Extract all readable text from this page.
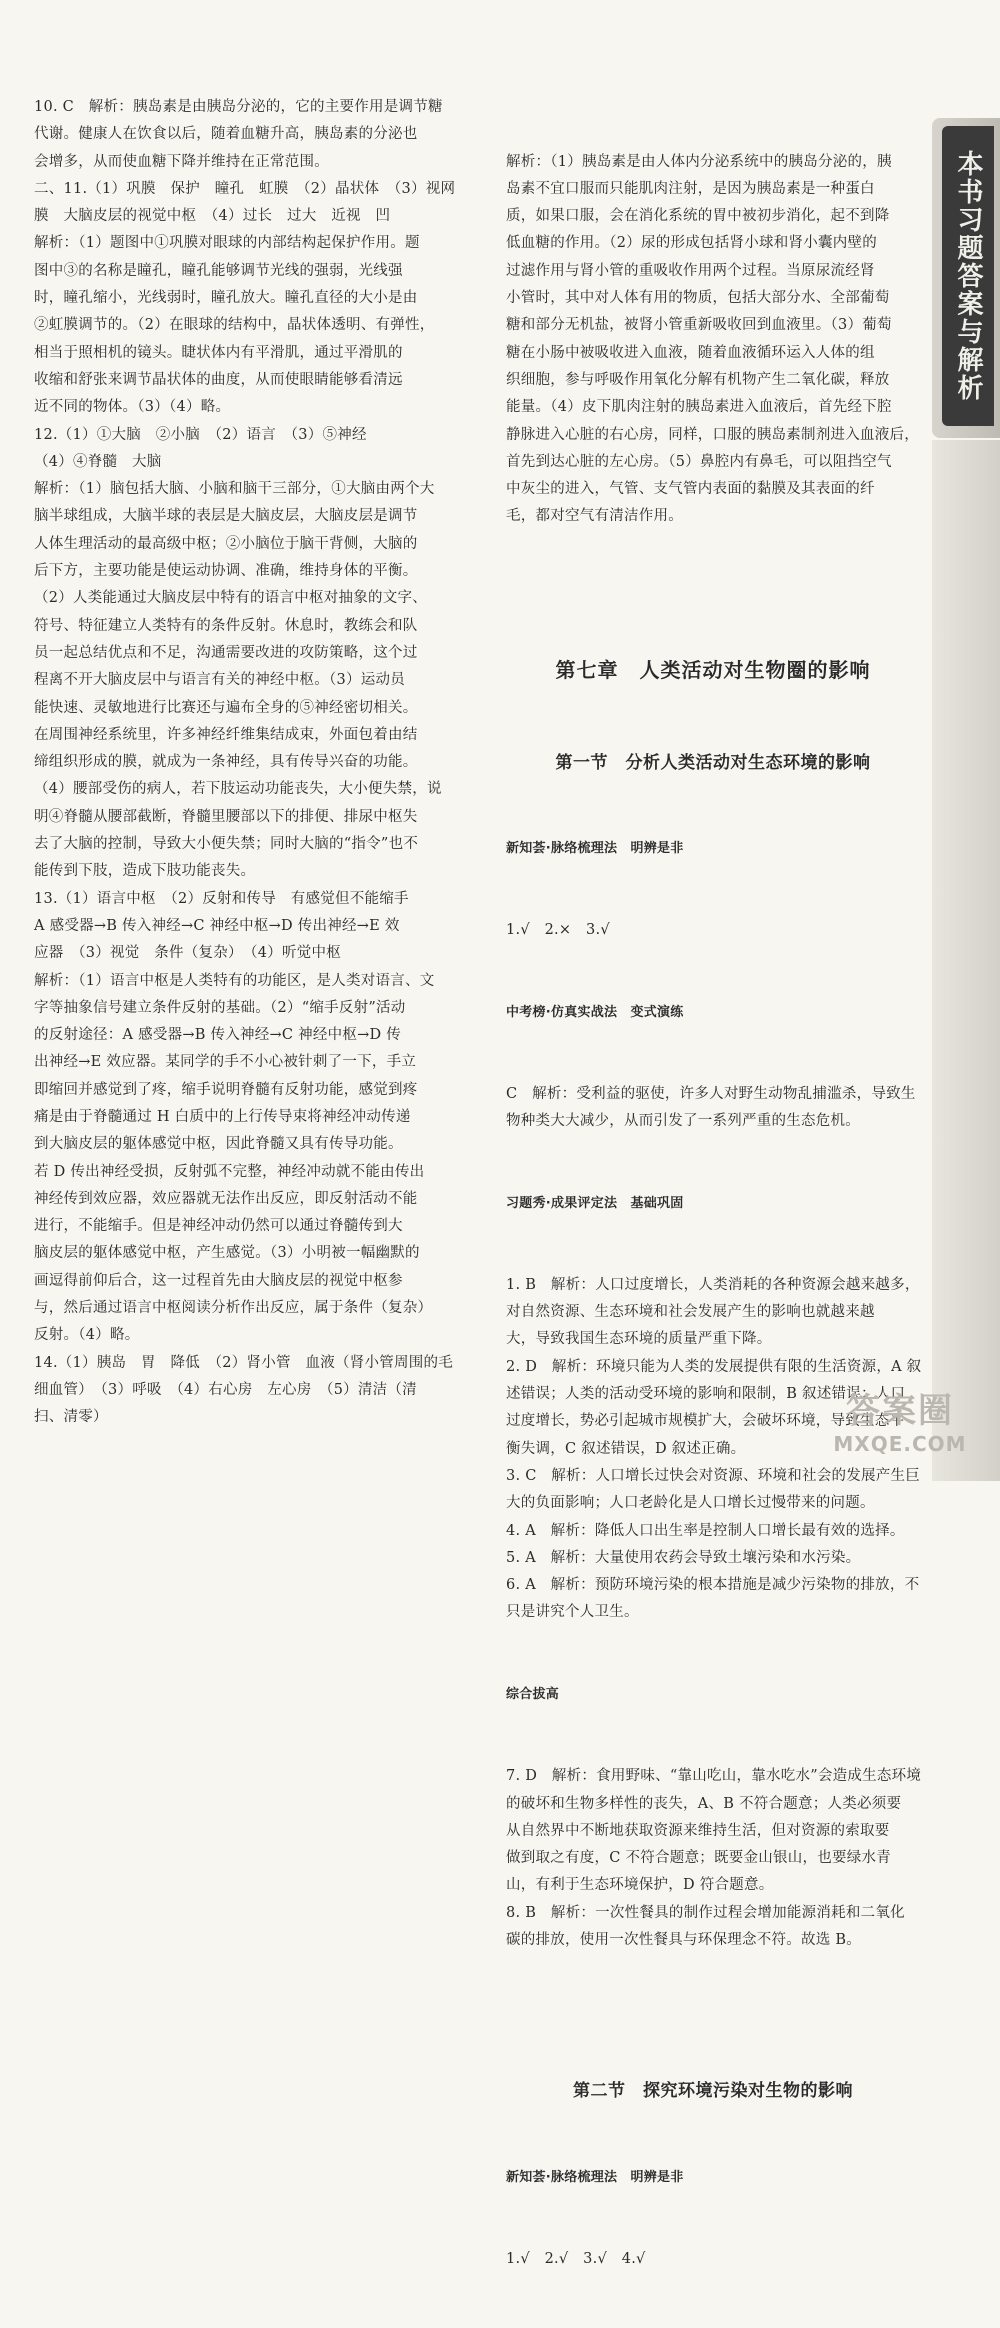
10. C　解析：胰岛素是由胰岛分泌的，它的主要作用是调节糖
代谢。健康人在饮食以后，随着血糖升高，胰岛素的分泌也
会增多，从而使血糖下降并维持在正常范围。
二、11.（1）巩膜　保护　瞳孔　虹膜　（2）晶状体　（3）视网
膜　大脑皮层的视觉中枢　（4）过长　过大　近视　凹
解析：（1）题图中①巩膜对眼球的内部结构起保护作用。题
图中③的名称是瞳孔，瞳孔能够调节光线的强弱，光线强
时，瞳孔缩小，光线弱时，瞳孔放大。瞳孔直径的大小是由
②虹膜调节的。（2）在眼球的结构中，晶状体透明、有弹性，
相当于照相机的镜头。睫状体内有平滑肌，通过平滑肌的
收缩和舒张来调节晶状体的曲度，从而使眼睛能够看清远
近不同的物体。（3）（4）略。
12.（1）①大脑　②小脑　（2）语言　（3）⑤神经
（4）④脊髓　大脑
解析：（1）脑包括大脑、小脑和脑干三部分，①大脑由两个大
脑半球组成，大脑半球的表层是大脑皮层，大脑皮层是调节
人体生理活动的最高级中枢；②小脑位于脑干背侧，大脑的
后下方，主要功能是使运动协调、准确，维持身体的平衡。
（2）人类能通过大脑皮层中特有的语言中枢对抽象的文字、
符号、特征建立人类特有的条件反射。休息时，教练会和队
员一起总结优点和不足，沟通需要改进的攻防策略，这个过
程离不开大脑皮层中与语言有关的神经中枢。（3）运动员
能快速、灵敏地进行比赛还与遍布全身的⑤神经密切相关。
在周围神经系统里，许多神经纤维集结成束，外面包着由结
缔组织形成的膜，就成为一条神经，具有传导兴奋的功能。
（4）腰部受伤的病人，若下肢运动功能丧失，大小便失禁，说
明④脊髓从腰部截断，脊髓里腰部以下的排便、排尿中枢失
去了大脑的控制，导致大小便失禁；同时大脑的“指令”也不
能传到下肢，造成下肢功能丧失。
13.（1）语言中枢　（2）反射和传导　有感觉但不能缩手
A 感受器→B 传入神经→C 神经中枢→D 传出神经→E 效
应器　（3）视觉　条件（复杂）　（4）听觉中枢
解析：（1）语言中枢是人类特有的功能区，是人类对语言、文
字等抽象信号建立条件反射的基础。（2）“缩手反射”活动
的反射途径：A 感受器→B 传入神经→C 神经中枢→D 传
出神经→E 效应器。某同学的手不小心被针刺了一下，手立
即缩回并感觉到了疼，缩手说明脊髓有反射功能，感觉到疼
痛是由于脊髓通过 H 白质中的上行传导束将神经冲动传递
到大脑皮层的躯体感觉中枢，因此脊髓又具有传导功能。
若 D 传出神经受损，反射弧不完整，神经冲动就不能由传出
神经传到效应器，效应器就无法作出反应，即反射活动不能
进行，不能缩手。但是神经冲动仍然可以通过脊髓传到大
脑皮层的躯体感觉中枢，产生感觉。（3）小明被一幅幽默的
画逗得前仰后合，这一过程首先由大脑皮层的视觉中枢参
与，然后通过语言中枢阅读分析作出反应，属于条件（复杂）
反射。（4）略。
14.（1）胰岛　胃　降低　（2）肾小管　血液（肾小管周围的毛
细血管）　（3）呼吸　（4）右心房　左心房　（5）清洁（清
扫、清零）

解析：（1）胰岛素是由人体内分泌系统中的胰岛分泌的，胰
岛素不宜口服而只能肌肉注射，是因为胰岛素是一种蛋白
质，如果口服，会在消化系统的胃中被初步消化，起不到降
低血糖的作用。（2）尿的形成包括肾小球和肾小囊内壁的
过滤作用与肾小管的重吸收作用两个过程。当原尿流经肾
小管时，其中对人体有用的物质，包括大部分水、全部葡萄
糖和部分无机盐，被肾小管重新吸收回到血液里。（3）葡萄
糖在小肠中被吸收进入血液，随着血液循环运入人体的组
织细胞，参与呼吸作用氧化分解有机物产生二氧化碳，释放
能量。（4）皮下肌肉注射的胰岛素进入血液后，首先经下腔
静脉进入心脏的右心房，同样，口服的胰岛素制剂进入血液后，
首先到达心脏的左心房。（5）鼻腔内有鼻毛，可以阻挡空气
中灰尘的进入，气管、支气管内表面的黏膜及其表面的纤
毛，都对空气有清洁作用。

第七章　人类活动对生物圈的影响

第一节　分析人类活动对生态环境的影响

新知荟·脉络梳理法　明辨是非

1.√　2.×　3.√

中考榜·仿真实战法　变式演练

C　解析：受利益的驱使，许多人对野生动物乱捕滥杀，导致生
物种类大大减少，从而引发了一系列严重的生态危机。

习题秀·成果评定法　基础巩固

1. B　解析：人口过度增长，人类消耗的各种资源会越来越多，
对自然资源、生态环境和社会发展产生的影响也就越来越
大，导致我国生态环境的质量严重下降。
2. D　解析：环境只能为人类的发展提供有限的生活资源，A 叙
述错误；人类的活动受环境的影响和限制，B 叙述错误；人口
过度增长，势必引起城市规模扩大，会破坏环境，导致生态平
衡失调，C 叙述错误，D 叙述正确。
3. C　解析：人口增长过快会对资源、环境和社会的发展产生巨
大的负面影响；人口老龄化是人口增长过慢带来的问题。
4. A　解析：降低人口出生率是控制人口增长最有效的选择。
5. A　解析：大量使用农药会导致土壤污染和水污染。
6. A　解析：预防环境污染的根本措施是减少污染物的排放，不
只是讲究个人卫生。

综合拔高

7. D　解析：食用野味、“靠山吃山，靠水吃水”会造成生态环境
的破坏和生物多样性的丧失，A、B 不符合题意；人类必须要
从自然界中不断地获取资源来维持生活，但对资源的索取要
做到取之有度，C 不符合题意；既要金山银山，也要绿水青
山，有利于生态环境保护，D 符合题意。
8. B　解析：一次性餐具的制作过程会增加能源消耗和二氧化
碳的排放，使用一次性餐具与环保理念不符。故选 B。

第二节　探究环境污染对生物的影响

新知荟·脉络梳理法　明辨是非

1.√　2.√　3.√　4.√

本书习题答案与解析
答案圈
MXQE.COM
